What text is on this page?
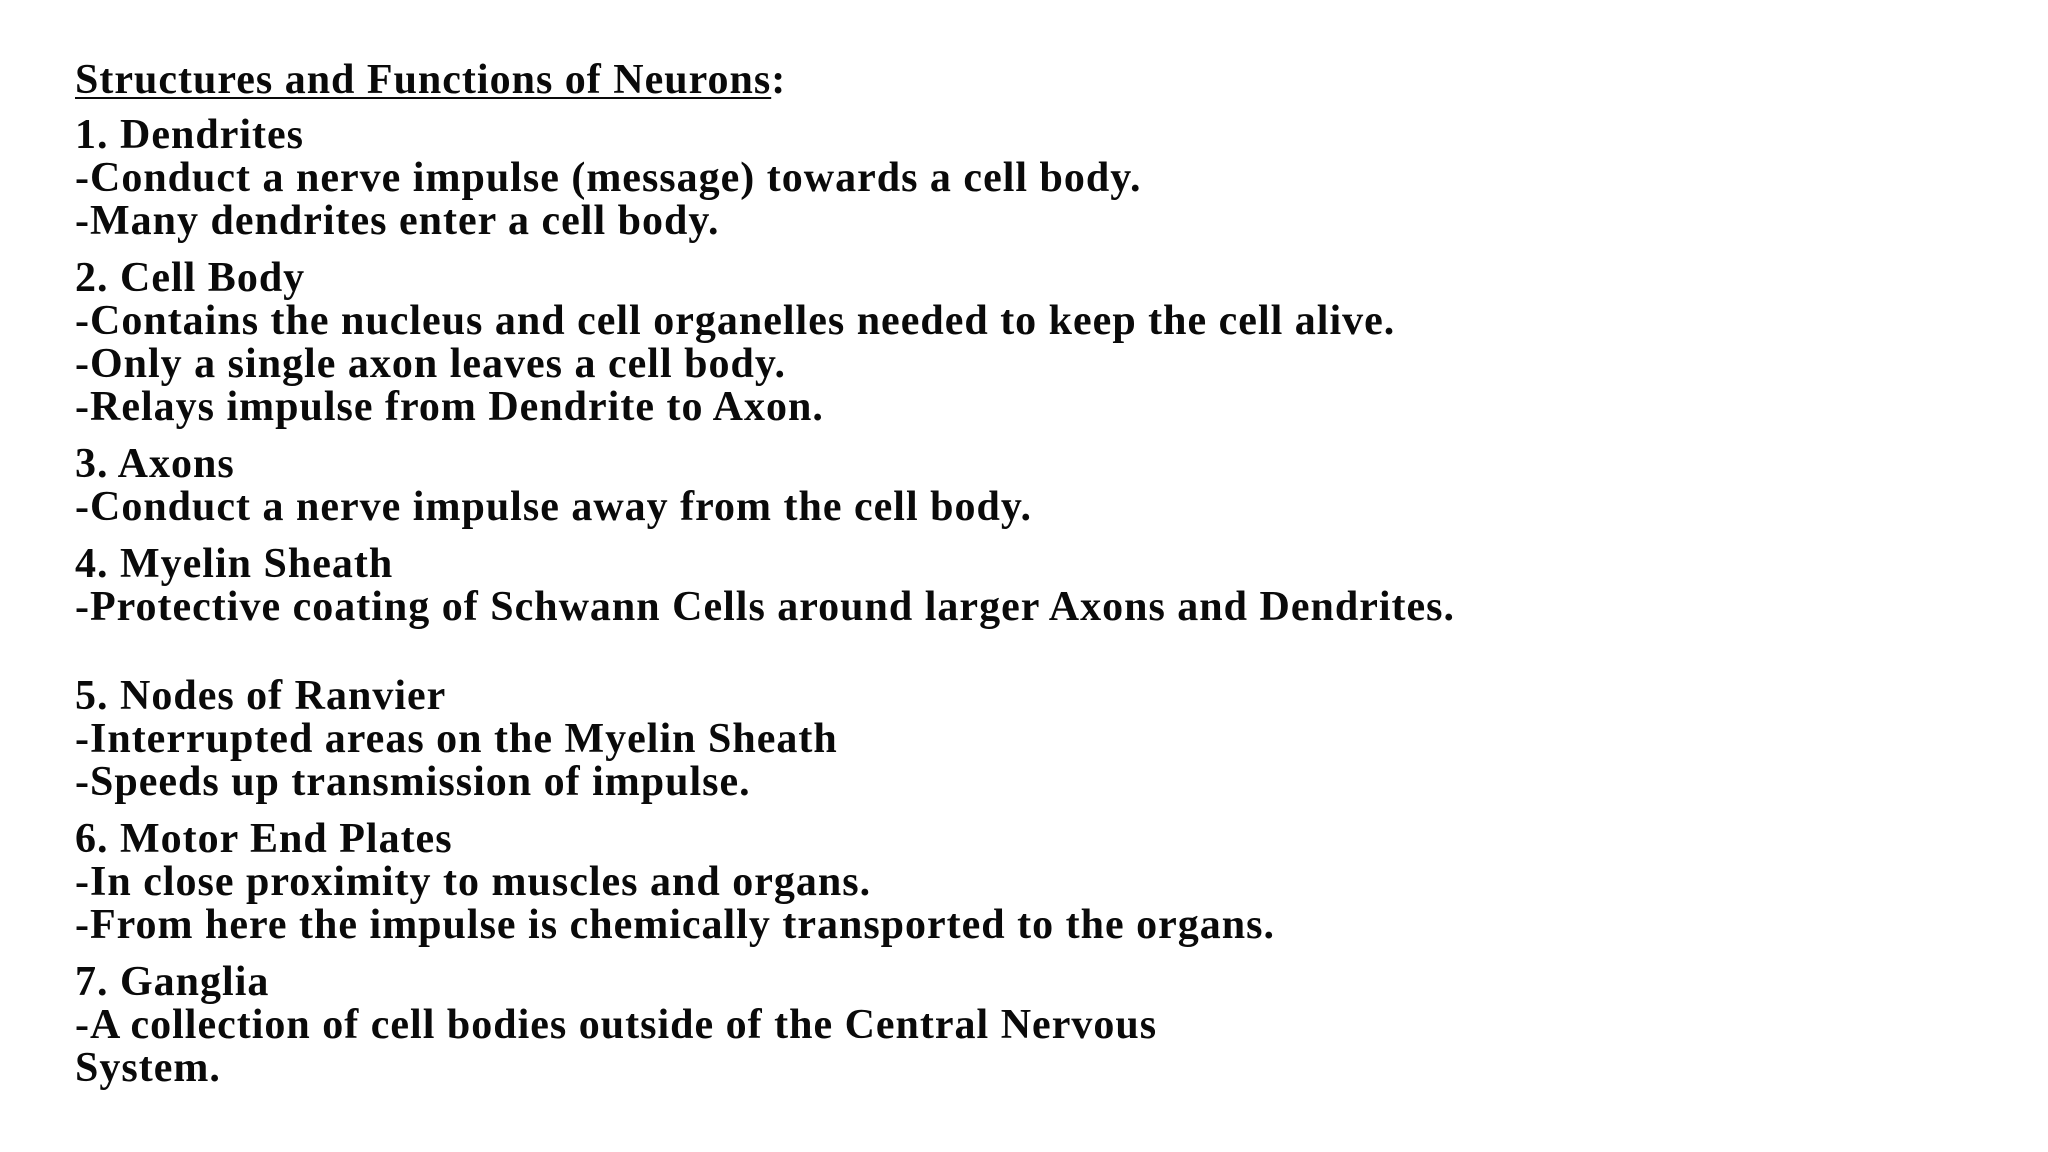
Structures and Functions of Neurons:
1. Dendrites
-Conduct a nerve impulse (message) towards a cell body.
-Many dendrites enter a cell body.
2. Cell Body
-Contains the nucleus and cell organelles needed to keep the cell alive.
-Only a single axon leaves a cell body.
-Relays impulse from Dendrite to Axon.
3. Axons
-Conduct a nerve impulse away from the cell body.
4. Myelin Sheath
-Protective coating of Schwann Cells around larger Axons and Dendrites.
5. Nodes of Ranvier
-Interrupted areas on the Myelin Sheath
-Speeds up transmission of impulse.
6. Motor End Plates
-In close proximity to muscles and organs.
-From here the impulse is chemically transported to the organs.
7. Ganglia
-A collection of cell bodies outside of the Central Nervous
System.
